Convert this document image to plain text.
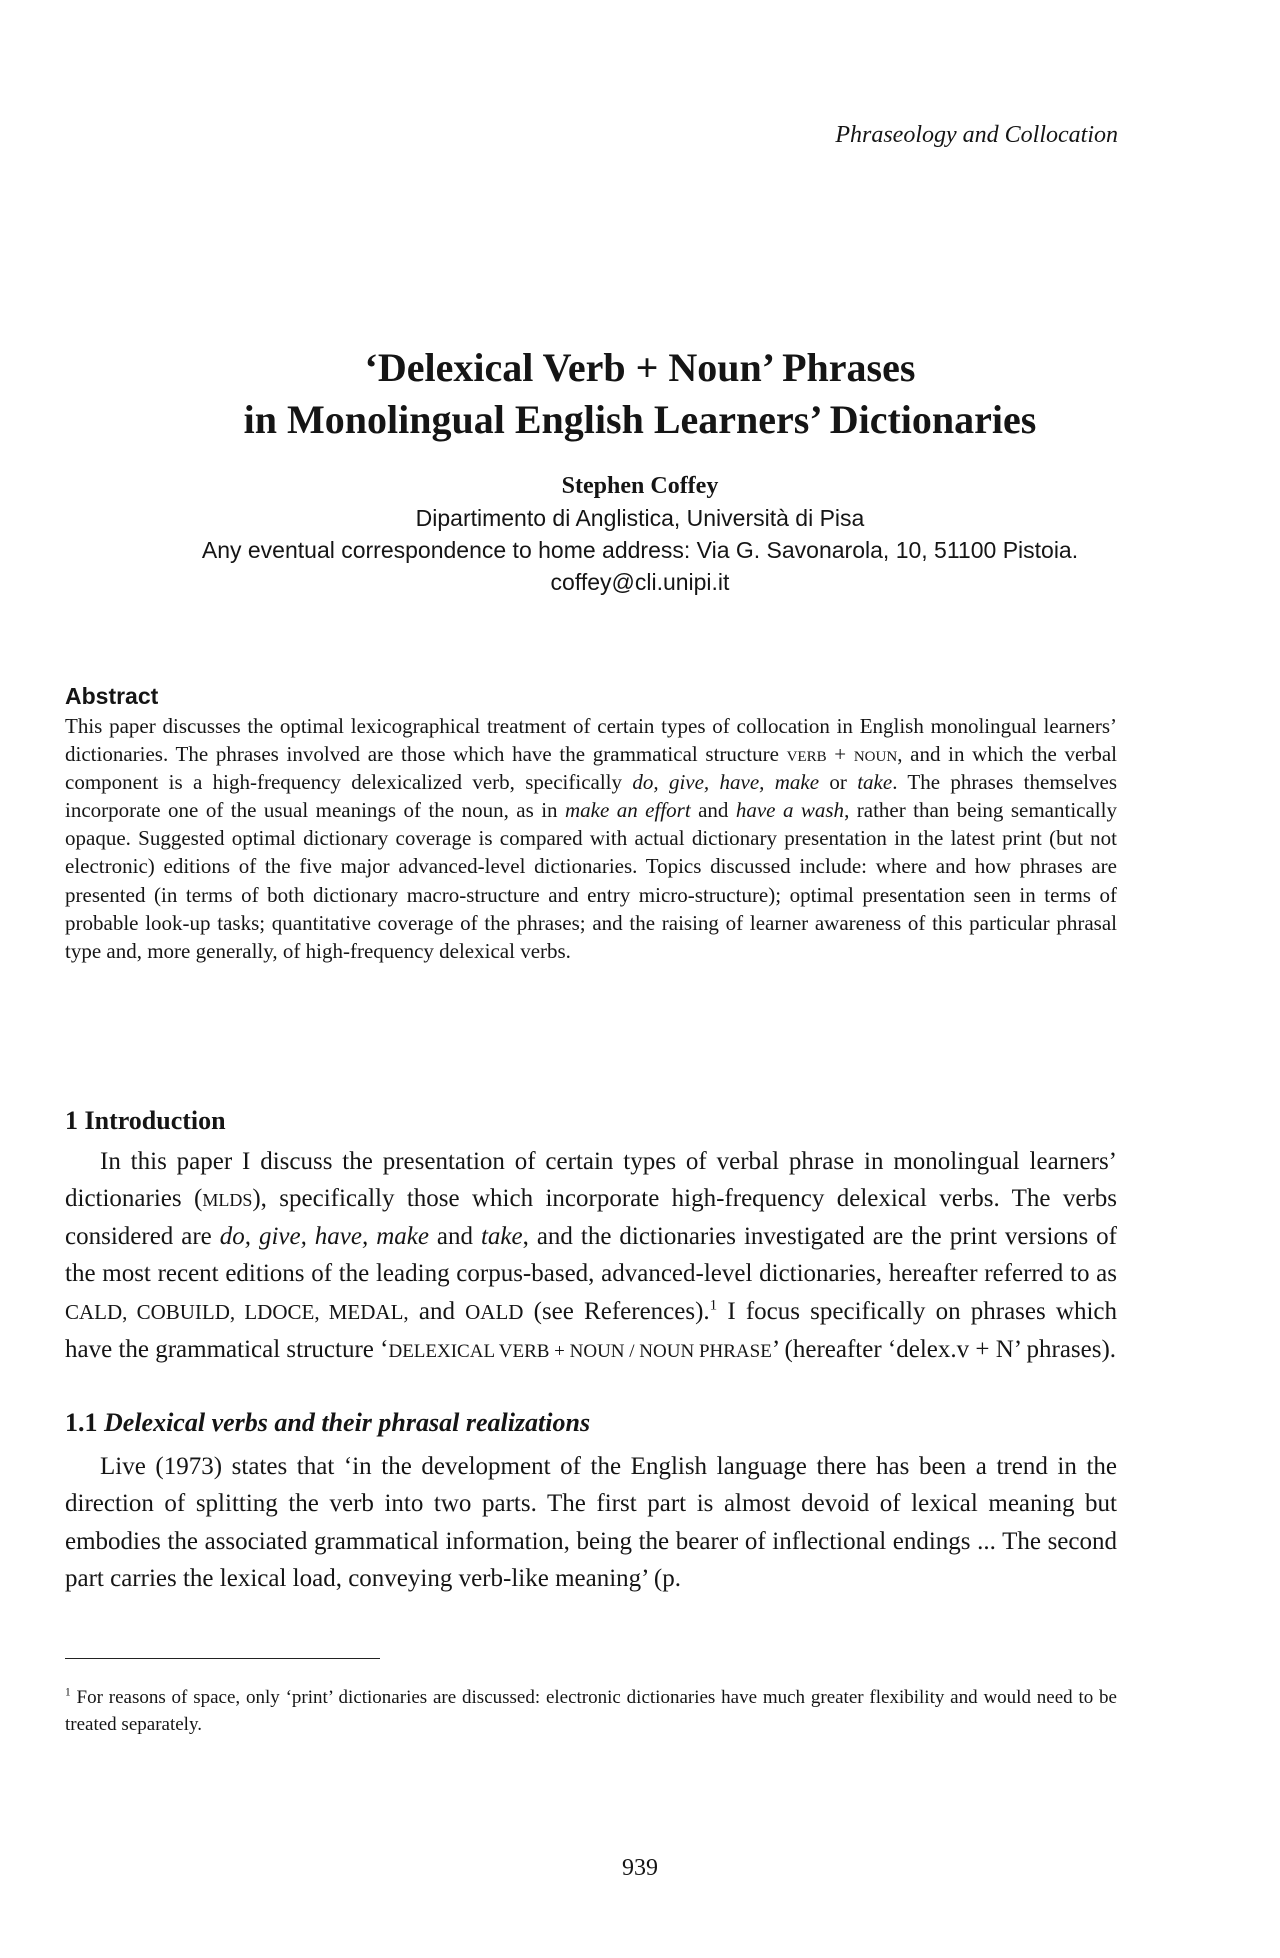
Phraseology and Collocation
‘Delexical Verb + Noun’ Phrases
in Monolingual English Learners’ Dictionaries
Stephen Coffey
Dipartimento di Anglistica, Università di Pisa
Any eventual correspondence to home address: Via G. Savonarola, 10, 51100 Pistoia.
coffey@cli.unipi.it
Abstract
This paper discusses the optimal lexicographical treatment of certain types of collocation in English monolingual learners’ dictionaries. The phrases involved are those which have the grammatical structure verb + noun, and in which the verbal component is a high-frequency delexicalized verb, specifically do, give, have, make or take. The phrases themselves incorporate one of the usual meanings of the noun, as in make an effort and have a wash, rather than being semantically opaque. Suggested optimal dictionary coverage is compared with actual dictionary presentation in the latest print (but not electronic) editions of the five major advanced-level dictionaries. Topics discussed include: where and how phrases are presented (in terms of both dictionary macro-structure and entry micro-structure); optimal presentation seen in terms of probable look-up tasks; quantitative coverage of the phrases; and the raising of learner awareness of this particular phrasal type and, more generally, of high-frequency delexical verbs.
1 Introduction
In this paper I discuss the presentation of certain types of verbal phrase in monolingual learners’ dictionaries (mlds), specifically those which incorporate high-frequency delexical verbs. The verbs considered are do, give, have, make and take, and the dictionaries investigated are the print versions of the most recent editions of the leading corpus-based, advanced-level dictionaries, hereafter referred to as CALD, COBUILD, LDOCE, MEDAL, and OALD (see References).$^1$ I focus specifically on phrases which have the grammatical structure ‘DELEXICAL VERB + NOUN / NOUN PHRASE’ (hereafter ‘delex.v + N’ phrases).
1.1 Delexical verbs and their phrasal realizations
Live (1973) states that ‘in the development of the English language there has been a trend in the direction of splitting the verb into two parts. The first part is almost devoid of lexical meaning but embodies the associated grammatical information, being the bearer of inflectional endings ... The second part carries the lexical load, conveying verb-like meaning’ (p.
$^1$ For reasons of space, only ‘print’ dictionaries are discussed: electronic dictionaries have much greater flexibility and would need to be treated separately.
939
